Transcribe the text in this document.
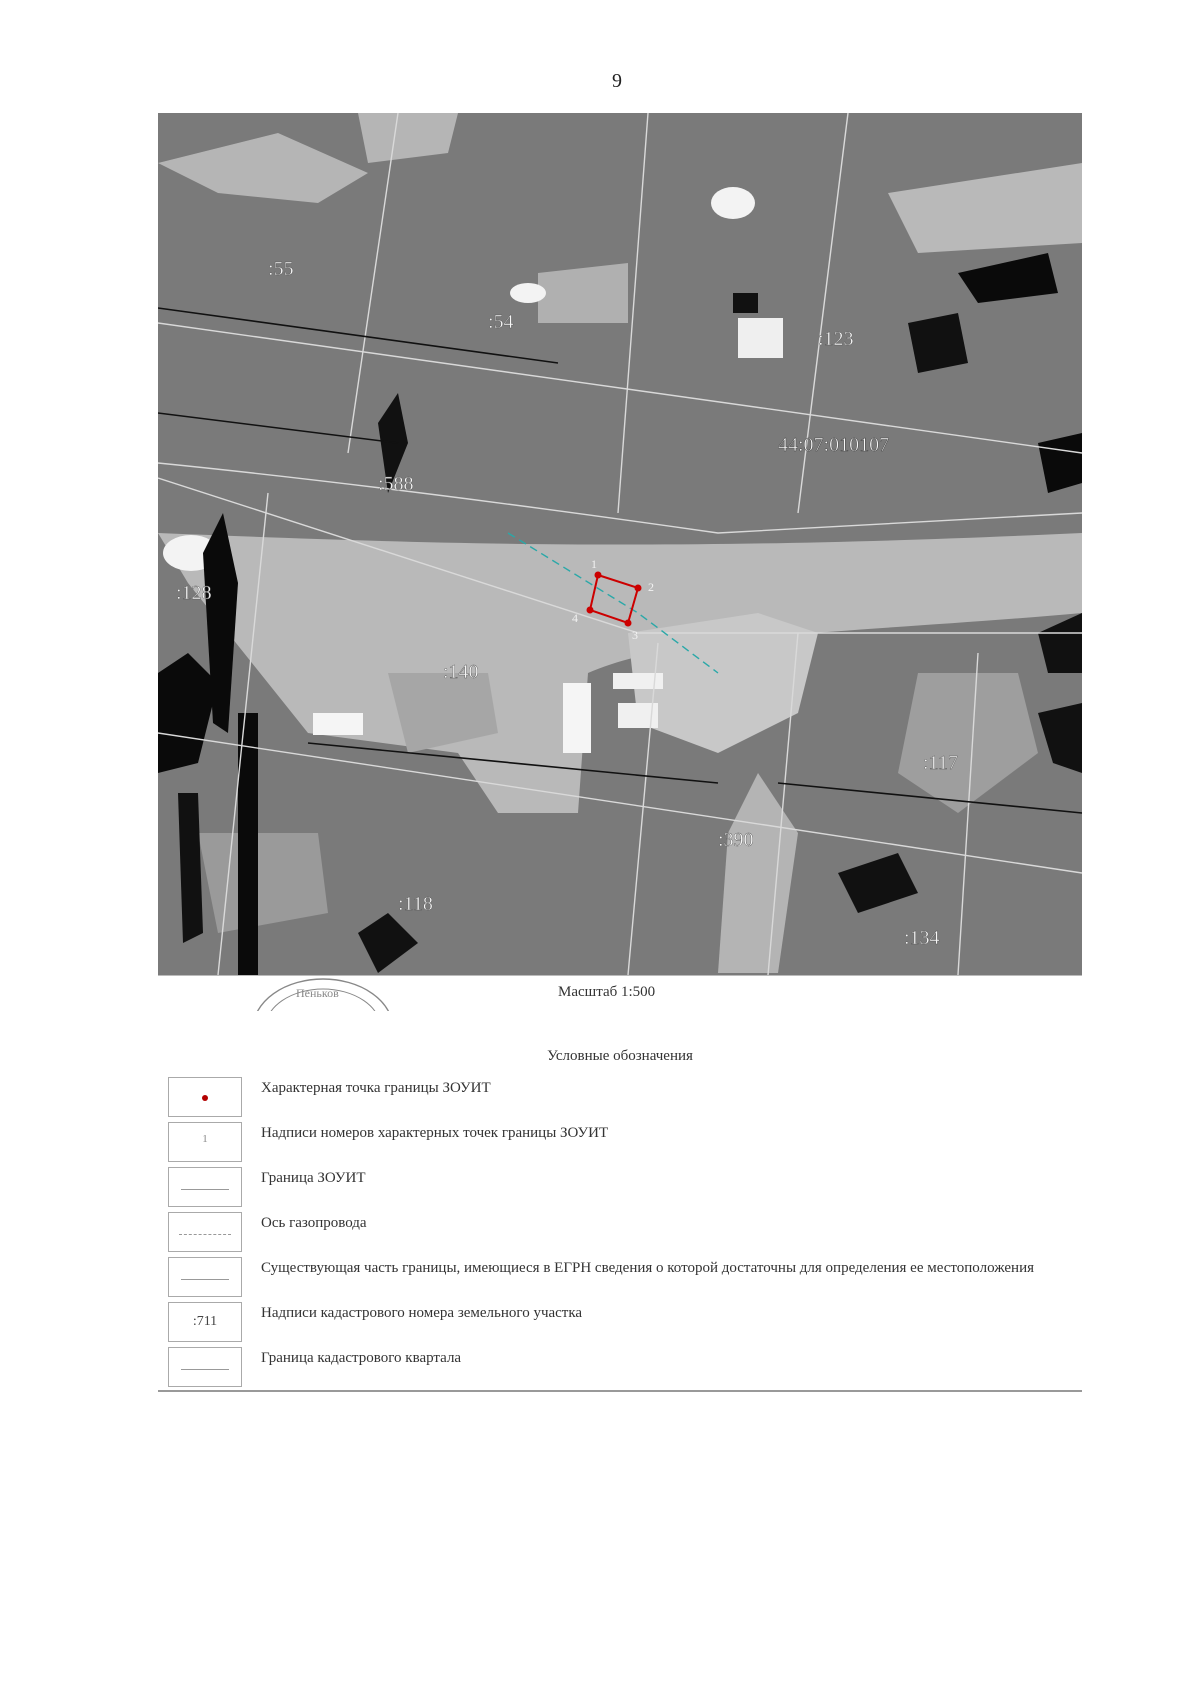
9
1
2
3
4
:55
:54
:123
:588
:128
:140
:117
:390
:118
:134
44:07:010107
Пеньков	Масштаб 1:500
Условные обозначения
Характерная точка границы ЗОУИТ
1	Надписи номеров характерных точек границы ЗОУИТ
Граница ЗОУИТ
Ось газопровода
Существующая часть границы, имеющиеся в ЕГРН сведения о которой достаточны для определения ее местоположения
:711
Надписи кадастрового номера земельного участка
Граница кадастрового квартала
